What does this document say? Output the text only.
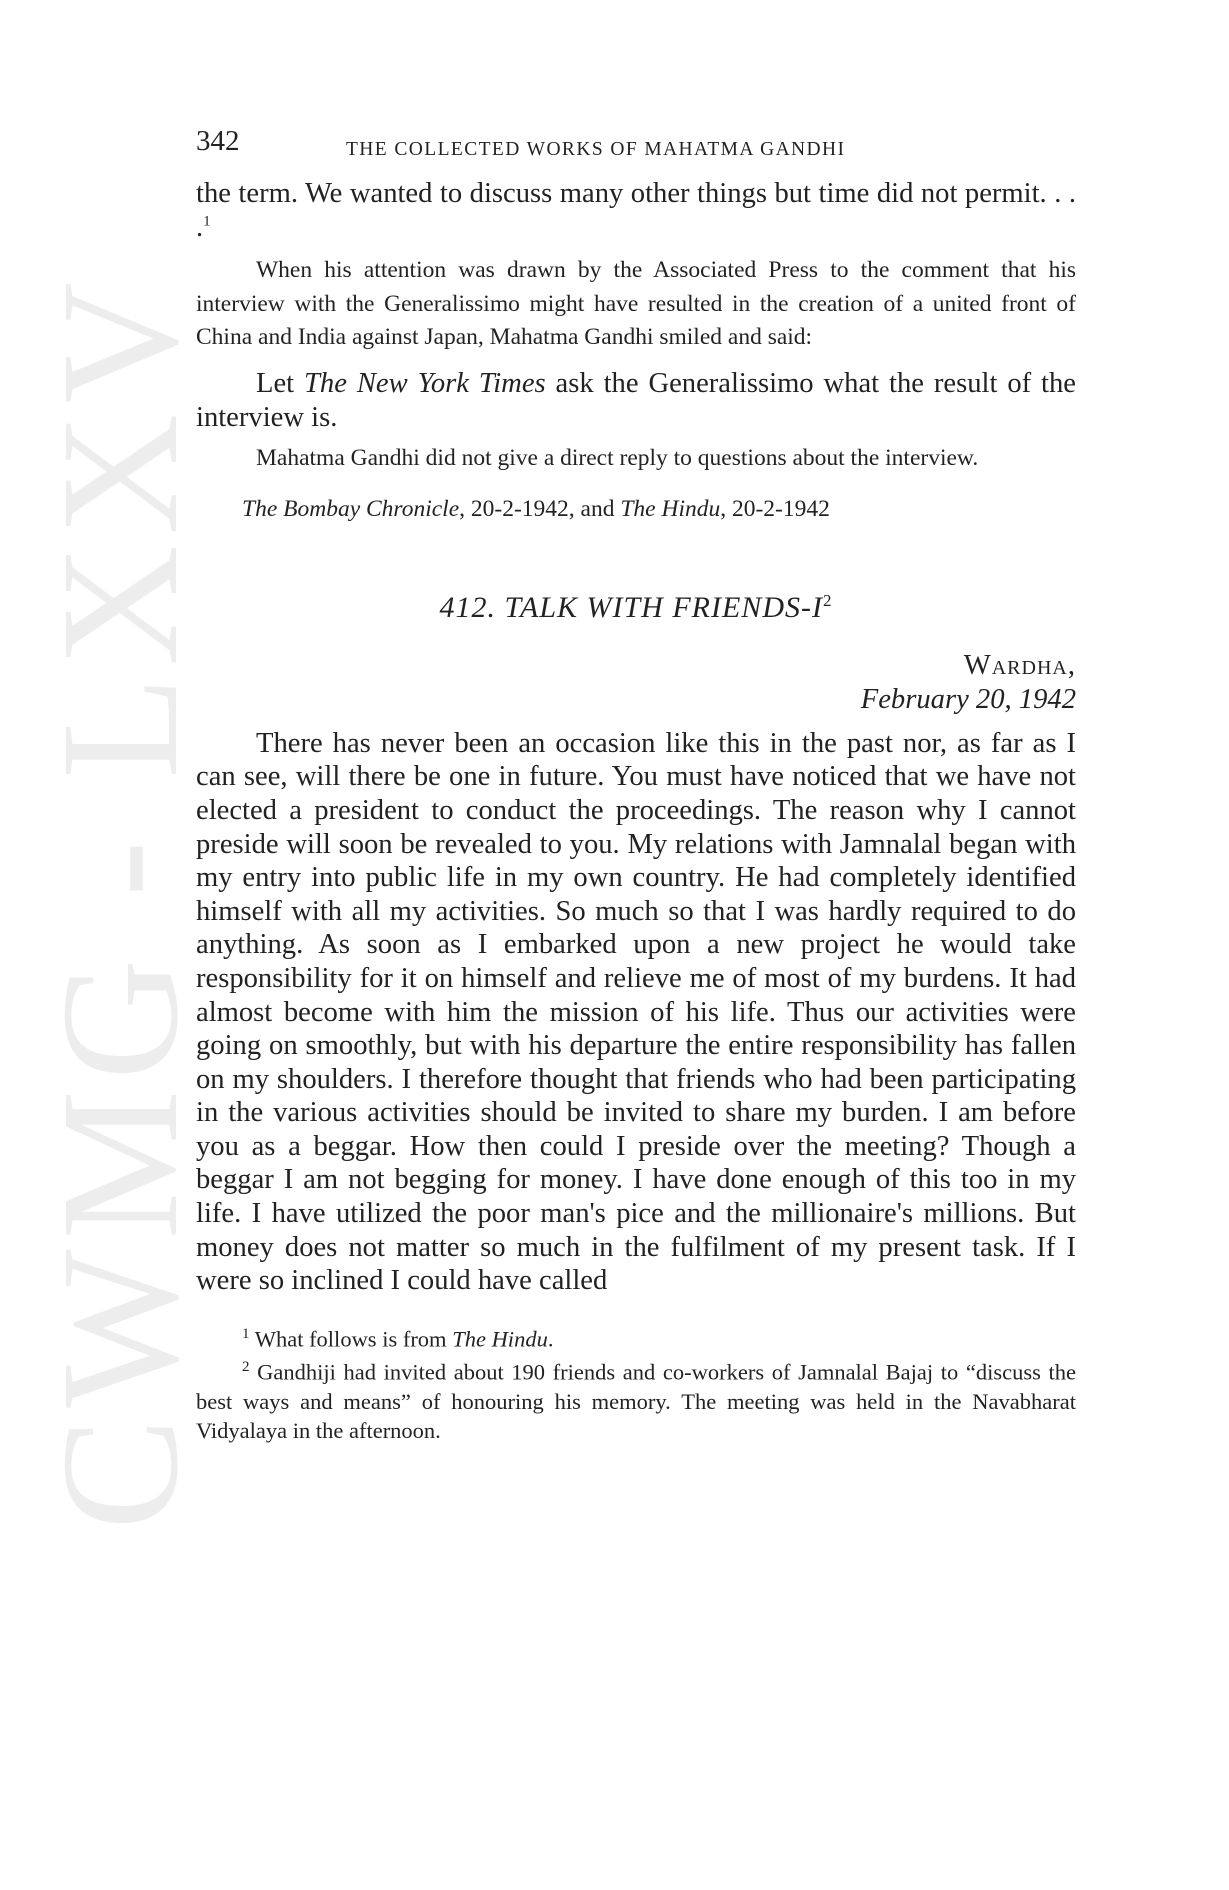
CWMG - LXXV
342	THE COLLECTED WORKS OF MAHATMA GANDHI

the term. We wanted to discuss many other things but time did not permit. . . .$^1$

When his attention was drawn by the Associated Press to the comment that his interview with the Generalissimo might have resulted in the creation of a united front of China and India against Japan, Mahatma Gandhi smiled and said:

Let The New York Times ask the Generalissimo what the result of the interview is.

Mahatma Gandhi did not give a direct reply to questions about the interview.

The Bombay Chronicle, 20-2-1942, and The Hindu, 20-2-1942
412. TALK WITH FRIENDS-$I^2$
Wardha,
February 20, 1942

There has never been an occasion like this in the past nor, as far as I can see, will there be one in future. You must have noticed that we have not elected a president to conduct the proceedings. The reason why I cannot preside will soon be revealed to you. My relations with Jamnalal began with my entry into public life in my own country. He had completely identified himself with all my activities. So much so that I was hardly required to do anything. As soon as I embarked upon a new project he would take responsibility for it on himself and relieve me of most of my burdens. It had almost become with him the mission of his life. Thus our activities were going on smoothly, but with his departure the entire responsibility has fallen on my shoulders. I therefore thought that friends who had been participating in the various activities should be invited to share my burden. I am before you as a beggar. How then could I preside over the meeting? Though a beggar I am not begging for money. I have done enough of this too in my life. I have utilized the poor man's pice and the millionaire's millions. But money does not matter so much in the fulfilment of my present task. If I were so inclined I could have called

$^1$ What follows is from The Hindu.

$^2$ Gandhiji had invited about 190 friends and co-workers of Jamnalal Bajaj to “discuss the best ways and means” of honouring his memory. The meeting was held in the Navabharat Vidyalaya in the afternoon.
